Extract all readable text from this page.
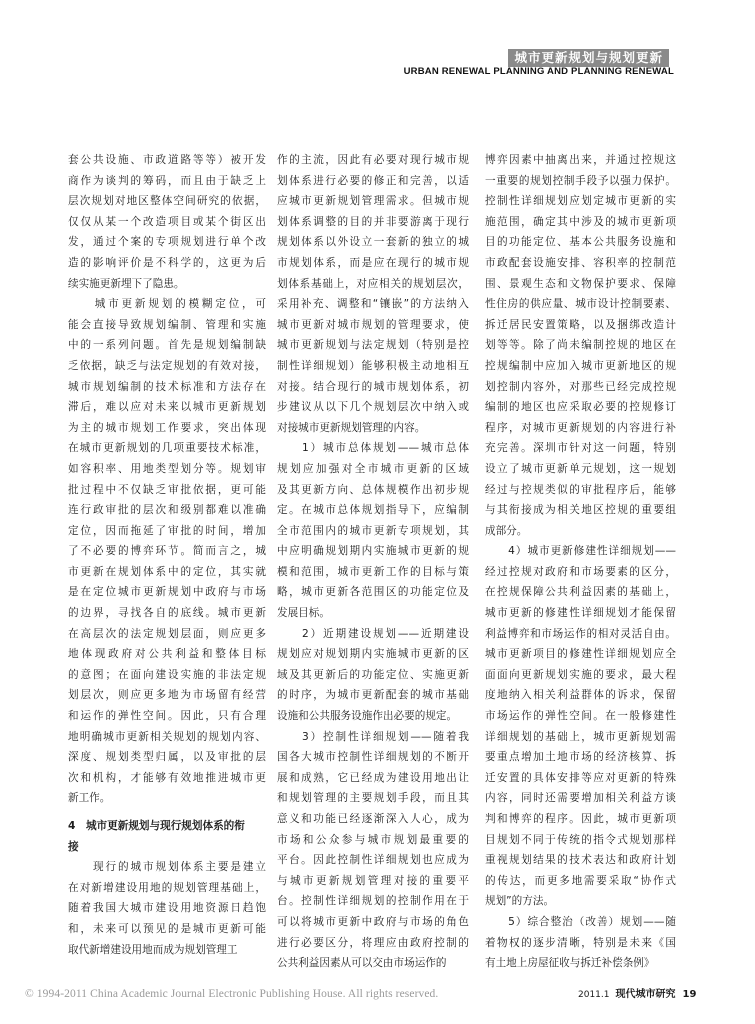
城市更新规划与规划更新
URBAN RENEWAL PLANNING AND PLANNING RENEWAL
套公共设施、市政道路等等）被开发
商作为谈判的筹码，而且由于缺乏上
层次规划对地区整体空间研究的依据，
仅仅从某一个改造项目或某个街区出
发，通过个案的专项规划进行单个改
造的影响评价是不科学的，这更为后
续实施更新埋下了隐患。
　　城市更新规划的模糊定位，可
能会直接导致规划编制、管理和实施
中的一系列问题。首先是规划编制缺
乏依据，缺乏与法定规划的有效对接，
城市规划编制的技术标准和方法存在
滞后，难以应对未来以城市更新规划
为主的城市规划工作要求，突出体现
在城市更新规划的几项重要技术标准，
如容积率、用地类型划分等。规划审
批过程中不仅缺乏审批依据，更可能
连行政审批的层次和级别都难以准确
定位，因而拖延了审批的时间，增加
了不必要的博弈环节。简而言之，城
市更新在规划体系中的定位，其实就
是在定位城市更新规划中政府与市场
的边界，寻找各自的底线。城市更新
在高层次的法定规划层面，则应更多
地体现政府对公共利益和整体目标
的意图；在面向建设实施的非法定规
划层次，则应更多地为市场留有经营
和运作的弹性空间。因此，只有合理
地明确城市更新相关规划的规划内容、
深度、规划类型归属，以及审批的层
次和机构，才能够有效地推进城市更
新工作。
4　城市更新规划与现行规划体系的衔
接
　　现行的城市规划体系主要是建立
在对新增建设用地的规划管理基础上，
随着我国大城市建设用地资源日趋饱
和，未来可以预见的是城市更新可能
取代新增建设用地而成为规划管理工
作的主流，因此有必要对现行城市规
划体系进行必要的修正和完善，以适
应城市更新规划管理需求。但城市规
划体系调整的目的并非要游离于现行
规划体系以外设立一套新的独立的城
市规划体系，而是应在现行的城市规
划体系基础上，对应相关的规划层次，
采用补充、调整和“镶嵌”的方法纳入
城市更新对城市规划的管理要求，使
城市更新规划与法定规划（特别是控
制性详细规划）能够积极主动地相互
对接。结合现行的城市规划体系，初
步建议从以下几个规划层次中纳入或
对接城市更新规划管理的内容。
　　1）城市总体规划——城市总体
规划应加强对全市城市更新的区域
及其更新方向、总体规模作出初步规
定。在城市总体规划指导下，应编制
全市范围内的城市更新专项规划，其
中应明确规划期内实施城市更新的规
模和范围，城市更新工作的目标与策
略，城市更新各范围区的功能定位及
发展目标。
　　2）近期建设规划——近期建设
规划应对规划期内实施城市更新的区
域及其更新后的功能定位、实施更新
的时序，为城市更新配套的城市基础
设施和公共服务设施作出必要的规定。
　　3）控制性详细规划——随着我
国各大城市控制性详细规划的不断开
展和成熟，它已经成为建设用地出让
和规划管理的主要规划手段，而且其
意义和功能已经逐渐深入人心，成为
市场和公众参与城市规划最重要的
平台。因此控制性详细规划也应成为
与城市更新规划管理对接的重要平
台。控制性详细规划的控制作用在于
可以将城市更新中政府与市场的角色
进行必要区分，将理应由政府控制的
公共利益因素从可以交由市场运作的
博弈因素中抽离出来，并通过控规这
一重要的规划控制手段予以强力保护。
控制性详细规划应划定城市更新的实
施范围，确定其中涉及的城市更新项
目的功能定位、基本公共服务设施和
市政配套设施安排、容积率的控制范
围、景观生态和文物保护要求、保障
性住房的供应量、城市设计控制要素、
拆迁居民安置策略，以及捆绑改造计
划等等。除了尚未编制控规的地区在
控规编制中应加入城市更新地区的规
划控制内容外，对那些已经完成控规
编制的地区也应采取必要的控规修订
程序，对城市更新规划的内容进行补
充完善。深圳市针对这一问题，特别
设立了城市更新单元规划，这一规划
经过与控规类似的审批程序后，能够
与其衔接成为相关地区控规的重要组
成部分。
　　4）城市更新修建性详细规划——
经过控规对政府和市场要素的区分，
在控规保障公共利益因素的基础上，
城市更新的修建性详细规划才能保留
利益博弈和市场运作的相对灵活自由。
城市更新项目的修建性详细规划应全
面面向更新规划实施的要求，最大程
度地纳入相关利益群体的诉求，保留
市场运作的弹性空间。在一般修建性
详细规划的基础上，城市更新规划需
要重点增加土地市场的经济核算、拆
迁安置的具体安排等应对更新的特殊
内容，同时还需要增加相关利益方谈
判和博弈的程序。因此，城市更新项
目规划不同于传统的指令式规划那样
重视规划结果的技术表达和政府计划
的传达，而更多地需要采取“协作式
规划”的方法。
　　5）综合整治（改善）规划——随
着物权的逐步清晰，特别是未来《国
有土地上房屋征收与拆迁补偿条例》
© 1994-2011 China Academic Journal Electronic Publishing House. All rights reserved.	2011.1 现代城市研究 19
